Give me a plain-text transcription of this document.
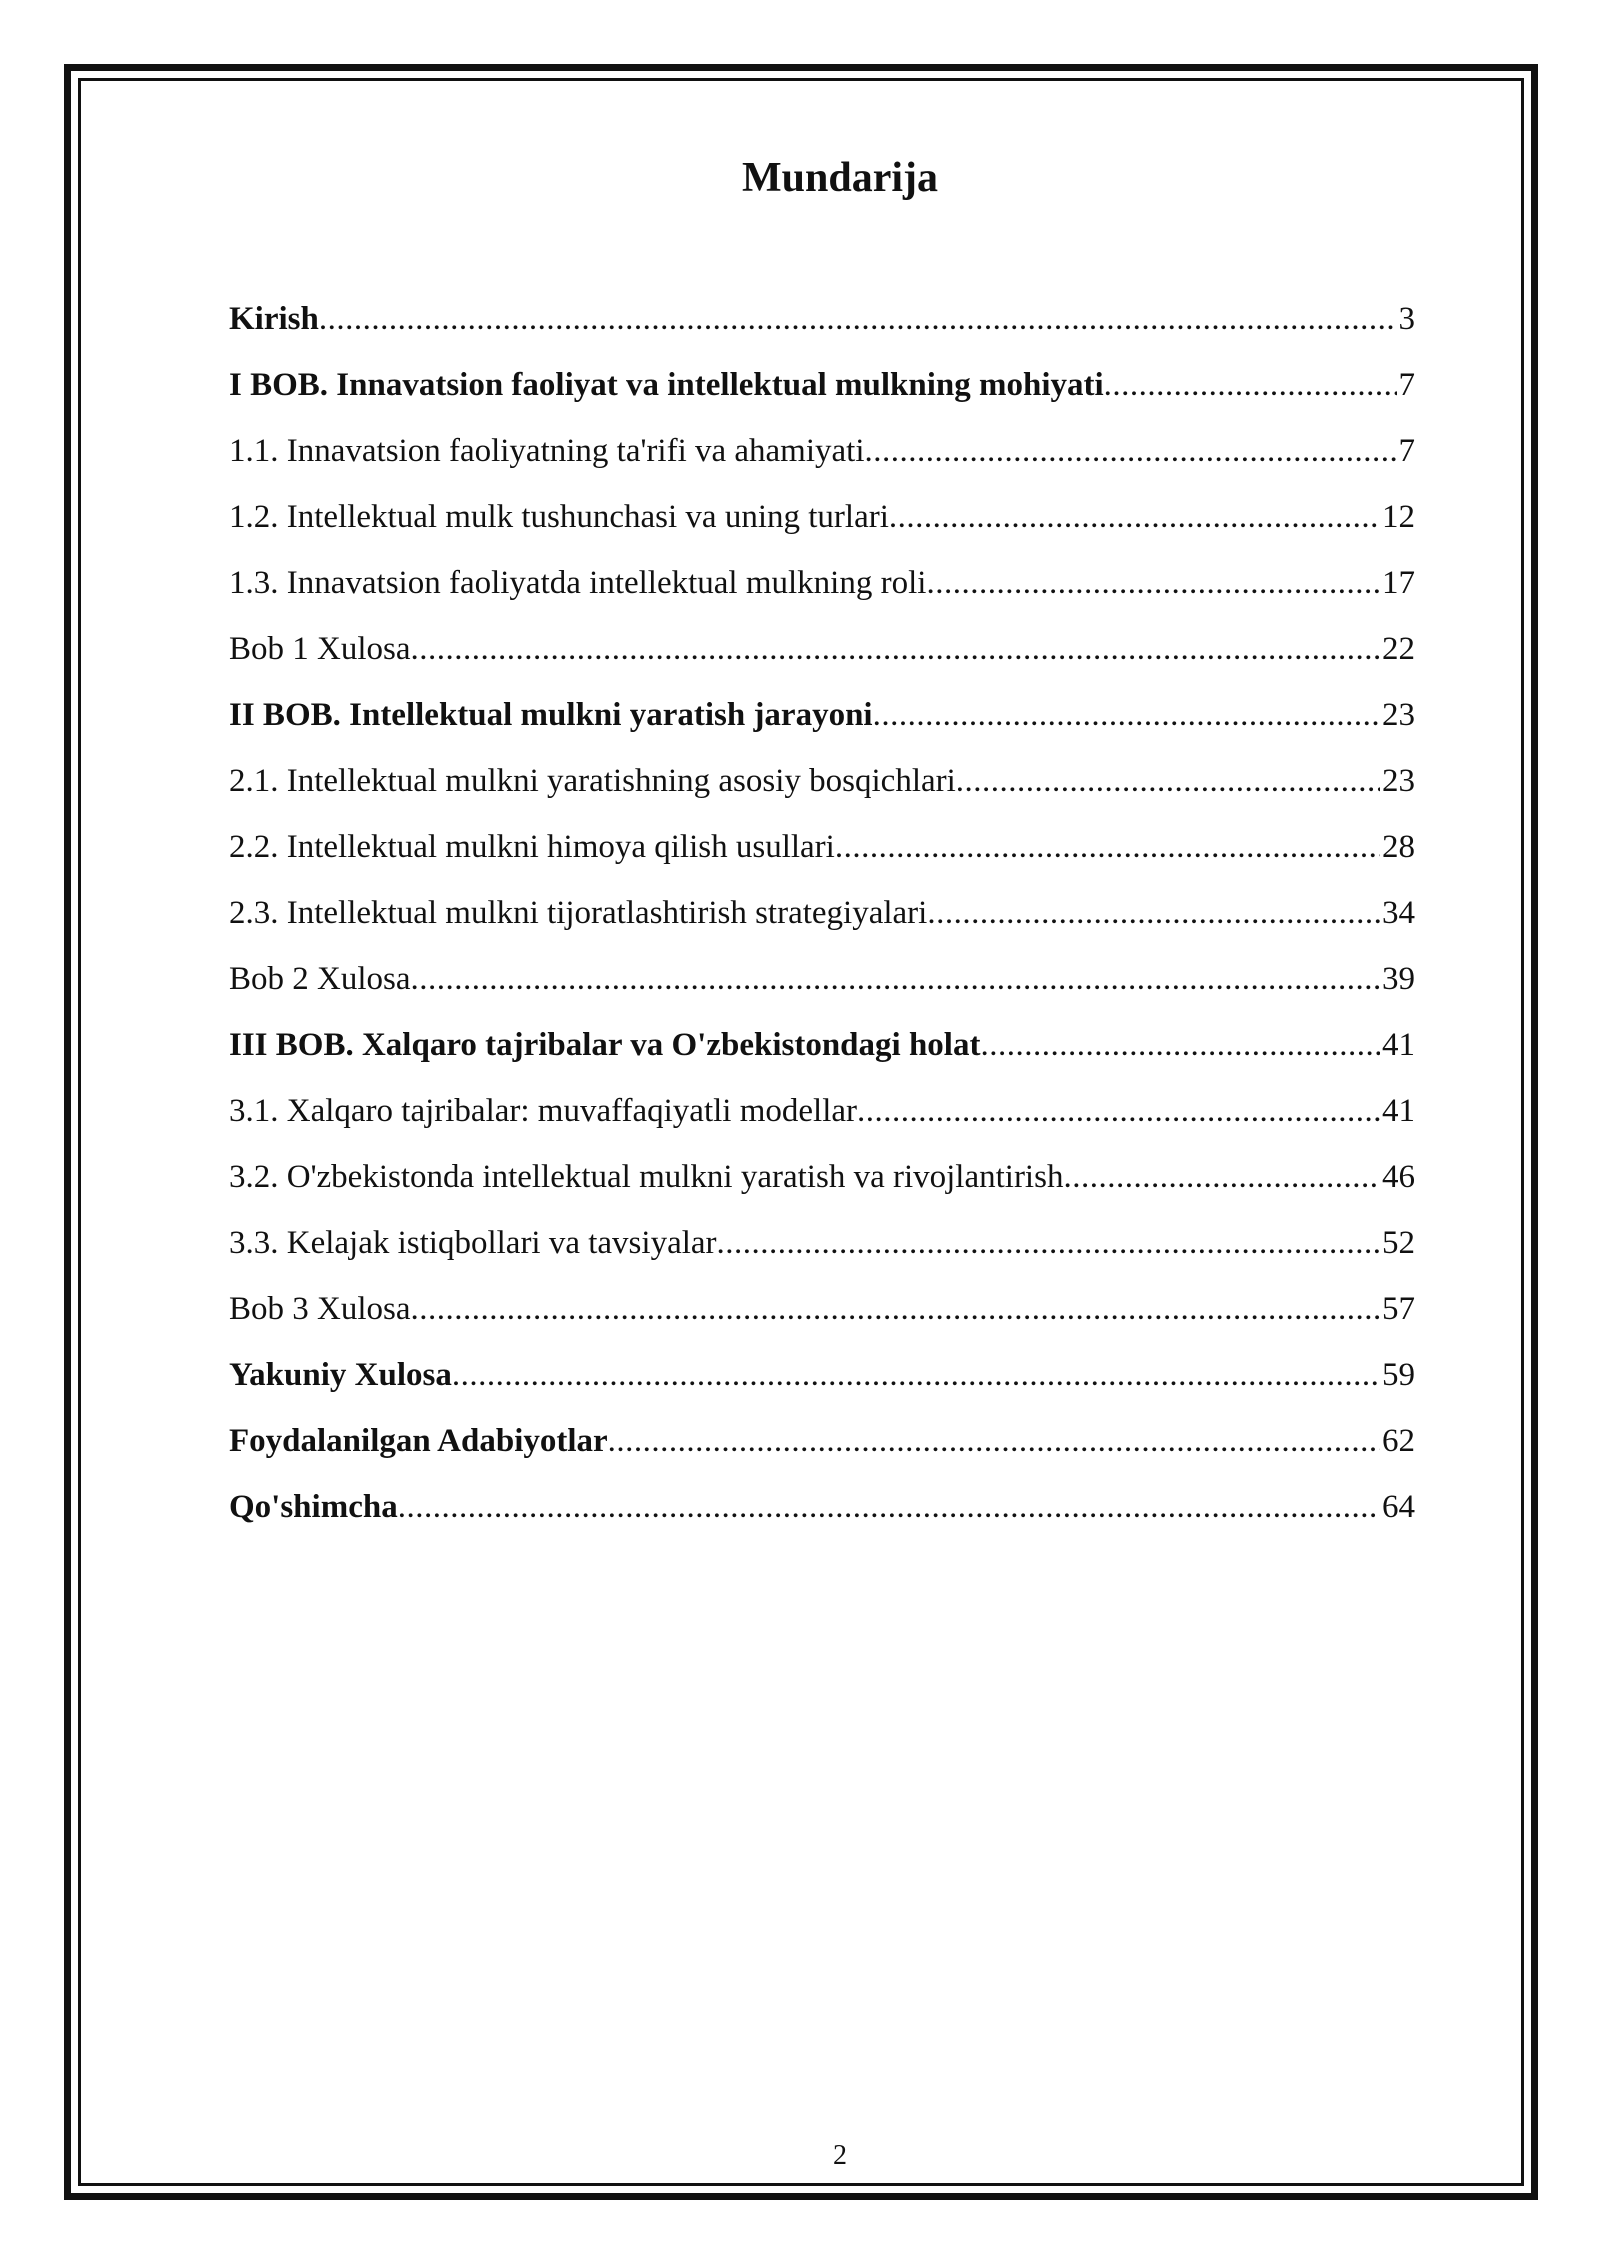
Mundarija
Kirish .....	3
I BOB. Innavatsion faoliyat va intellektual mulkning mohiyati .....	7
1.1. Innavatsion faoliyatning ta'rifi va ahamiyati .....	7
1.2. Intellektual mulk tushunchasi va uning turlari .....	12
1.3. Innavatsion faoliyatda intellektual mulkning roli .....	17
Bob 1 Xulosa .....	22
II BOB. Intellektual mulkni yaratish jarayoni .....	23
2.1. Intellektual mulkni yaratishning asosiy bosqichlari .....	23
2.2. Intellektual mulkni himoya qilish usullari .....	28
2.3. Intellektual mulkni tijoratlashtirish strategiyalari .....	34
Bob 2 Xulosa .....	39
III BOB. Xalqaro tajribalar va O'zbekistondagi holat .....	41
3.1. Xalqaro tajribalar: muvaffaqiyatli modellar .....	41
3.2. O'zbekistonda intellektual mulkni yaratish va rivojlantirish .....	46
3.3. Kelajak istiqbollari va tavsiyalar .....	52
Bob 3 Xulosa .....	57
Yakuniy Xulosa .....	59
Foydalanilgan Adabiyotlar .....	62
Qo'shimcha .....	64
2
